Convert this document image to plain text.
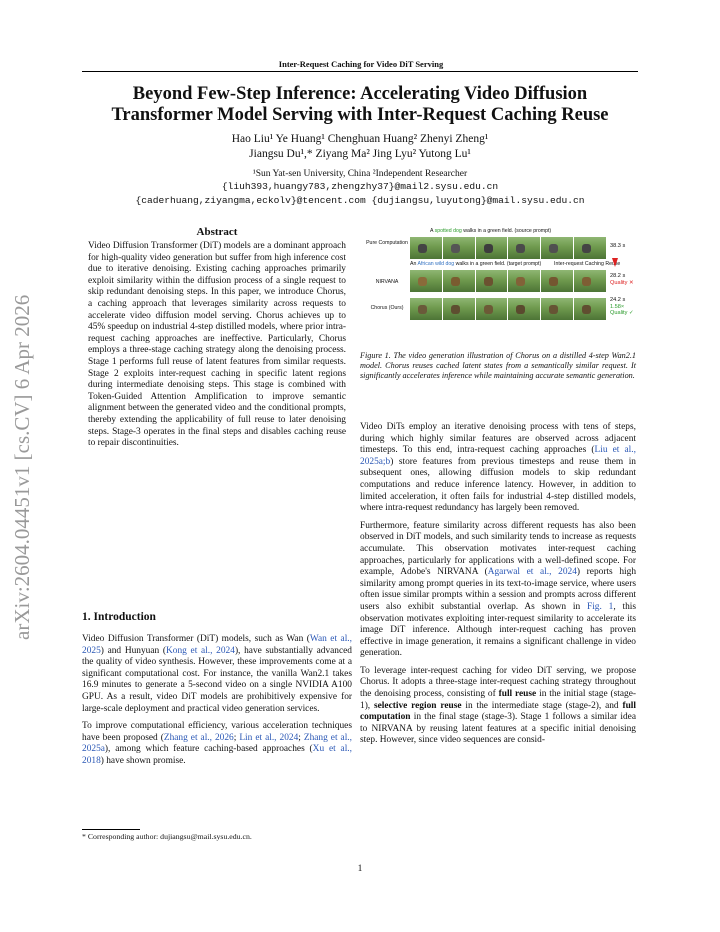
Inter-Request Caching for Video DiT Serving
Beyond Few-Step Inference: Accelerating Video Diffusion
Transformer Model Serving with Inter-Request Caching Reuse
Hao Liu¹ Ye Huang¹ Chenghuan Huang² Zhenyi Zheng¹
Jiangsu Du¹,* Ziyang Ma² Jing Lyu² Yutong Lu¹
¹Sun Yat-sen University, China ²Independent Researcher
{liuh393,huangy783,zhengzhy37}@mail2.sysu.edu.cn
{caderhuang,ziyangma,eckolv}@tencent.com {dujiangsu,luyutong}@mail.sysu.edu.cn
arXiv:2604.04451v1 [cs.CV] 6 Apr 2026
Abstract
Video Diffusion Transformer (DiT) models are a dominant approach for high-quality video generation but suffer from high inference cost due to iterative denoising. Existing caching approaches primarily exploit similarity within the diffusion process of a single request to skip redundant denoising steps. In this paper, we introduce Chorus, a caching approach that leverages similarity across requests to accelerate video diffusion model serving. Chorus achieves up to 45% speedup on industrial 4-step distilled models, where prior intra-request caching approaches are ineffective. Particularly, Chorus employs a three-stage caching strategy along the denoising process. Stage 1 performs full reuse of latent features from similar requests. Stage 2 exploits inter-request caching in specific latent regions during intermediate denoising steps. This stage is combined with Token-Guided Attention Amplification to improve semantic alignment between the generated video and the conditional prompts, thereby extending the applicability of full reuse to later denoising steps. Stage-3 operates in the final steps and disables caching reuse to repair discontinuities.
1. Introduction

Video Diffusion Transformer (DiT) models, such as Wan (Wan et al., 2025) and Hunyuan (Kong et al., 2024), have substantially advanced the quality of video synthesis. However, these improvements come at a significant computational cost. For instance, the vanilla Wan2.1 takes 16.9 minutes to generate a 5-second video on a single NVIDIA A100 GPU. As a result, video DiT models are prohibitively expensive for large-scale deployment and practical video generation services.

To improve computational efficiency, various acceleration techniques have been proposed (Zhang et al., 2026; Lin et al., 2024; Zhang et al., 2025a), among which feature caching-based approaches (Xu et al., 2018) have shown promise.

* Corresponding author: dujiangsu@mail.sysu.edu.cn.
A spotted dog walks in a green field. (source prompt)
Pure Computation	38.3 s
An African wild dog walks in a green field. (target prompt) Inter-request Caching Reuse
NIRVANA
28.2 s
Quality ✕
Chorus (Ours)
24.2 s
1.58×
Quality ✓
Figure 1. The video generation illustration of Chorus on a distilled 4-step Wan2.1 model. Chorus reuses cached latent states from a semantically similar request. It significantly accelerates inference while maintaining accurate semantic generation.

Video DiTs employ an iterative denoising process with tens of steps, during which highly similar features are observed across adjacent timesteps. To this end, intra-request caching approaches (Liu et al., 2025a;b) store features from previous timesteps and reuse them in subsequent ones, allowing diffusion models to skip redundant computations and reduce inference latency. However, in addition to limited acceleration, it often fails for industrial 4-step distilled models, where intra-request redundancy has largely been removed.

Furthermore, feature similarity across different requests has also been observed in DiT models, and such similarity tends to increase as requests accumulate. This observation motivates inter-request caching approaches, particularly for applications with a well-defined scope. For example, Adobe's NIRVANA (Agarwal et al., 2024) reports high similarity among prompt queries in its text-to-image service, where users often issue similar prompts within a session and prompts across different users also exhibit substantial overlap. As shown in Fig. 1, this observation motivates exploiting inter-request similarity to accelerate its image DiT inference. Although inter-request caching has proven effective in image generation, it remains a significant challenge in video generation.

To leverage inter-request caching for video DiT serving, we propose Chorus. It adopts a three-stage inter-request caching strategy throughout the denoising process, consisting of full reuse in the initial stage (stage-1), selective region reuse in the intermediate stage (stage-2), and full computation in the final stage (stage-3). Stage 1 follows a similar idea to NIRVANA by reusing latent features at a specific initial denoising step. However, since video sequences are consid-

1
